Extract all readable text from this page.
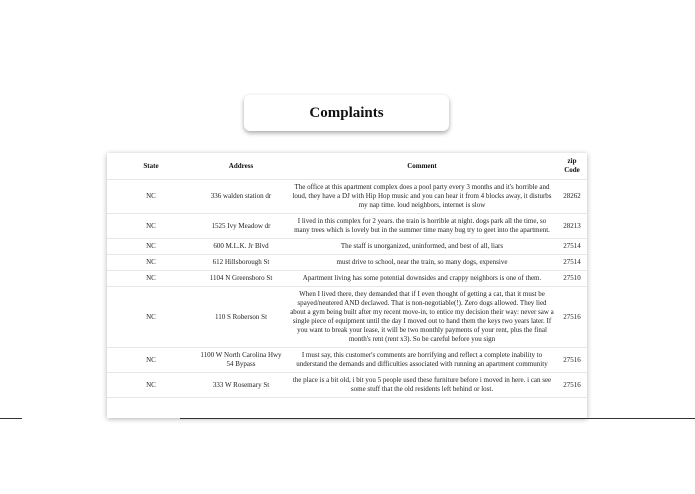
Complaints
State	Address	Comment	zip Code
NC	336 walden station dr	The office at this apartment complex does a pool party every 3 months and it's horrible and loud, they have a DJ with Hip Hop music and you can hear it from 4 blocks away, it disturbs my nap time. loud neighbors, internet is slow	28262
NC	1525 Ivy Meadow dr	I lived in this complex for 2 years. the train is horrible at night. dogs park all the time, so many trees which is lovely but in the summer time many bug try to geet into the apartment.	28213
NC	600 M.L.K. Jr Blvd	The staff is unorganized, uninformed, and best of all, liars	27514
NC	612 Hillsborough St	must drive to school, near the train, so many dogs, expensive	27514
NC	1104 N Greensboro St	Apartment living has some potential downsides and crappy neighbors is one of them.	27510
NC	110 S Roberson St	When I lived there, they demanded that if I even thought of getting a cat, that it must be spayed/neutered AND declawed. That is non-negotiable(!). Zero dogs allowed. They lied about a gym being built after my recent move-in, to entice my decision their way: never saw a single piece of equipment until the day I moved out to hand them the keys two years later. If you want to break your lease, it will be two monthly payments of your rent, plus the final month's rent (rent x3). So be careful before you sign	27516
NC	1100 W North Carolina Hwy 54 Bypass	I must say, this customer's comments are horrifying and reflect a complete inability to understand the demands and difficulties associated with running an apartment community	27516
NC	333 W Rosemary St	the place is a bit old, i bit you 5 people used these furniture before i moved in here. i can see some stuff that the old residents left behind or lost.	27516
